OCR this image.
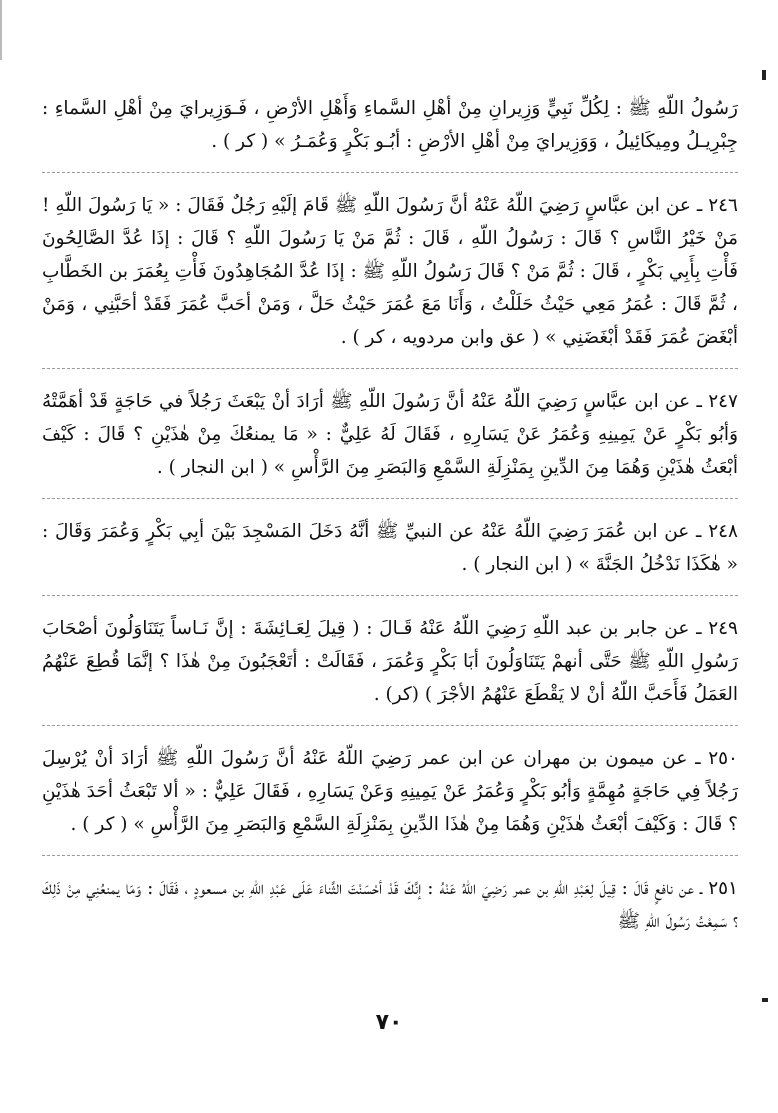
رَسُولُ اللّهِ ﷺ : لِكُلِّ نَبِيٍّ وَزِيرانِ مِنْ أهْلِ السَّماءِ وَأَهْلِ الأرْضِ ، فَـوَزِيرايَ مِنْ أهْلِ السَّماءِ : جِبْرِيـلُ ومِيكَائِيلُ ، وَوَزِيرايَ مِنْ أهْلِ الأرْضِ : أبُـو بَكْرٍ وَعُمَـرُ » ( كر ) .

٢٤٦ ـ عن ابن عبَّاسٍ رَضِيَ اللّهُ عَنْهُ أنَّ رَسُولَ اللّهِ ﷺ قَامَ إلَيْهِ رَجُلٌ فَقَالَ : « يَا رَسُولَ اللّهِ ! مَنْ خَيْرُ النَّاسِ ؟ قَالَ : رَسُولُ اللّهِ ، قَالَ : ثُمَّ مَنْ يَا رَسُولَ اللّهِ ؟ قَالَ : إذَا عُدَّ الصَّالِحُونَ فَأْتِ بِأَبِي بَكْرٍ ، قَالَ : ثُمَّ مَنْ ؟ قَالَ رَسُولُ اللّهِ ﷺ : إذَا عُدَّ المُجَاهِدُونَ فَأْتِ بِعُمَرَ بن الخَطَّابِ ، ثُمَّ قَالَ : عُمَرُ مَعِي حَيْثُ حَلَلْتُ ، وَأَنَا مَعَ عُمَرَ حَيْثُ حَلَّ ، وَمَنْ أحَبَّ عُمَرَ فَقَدْ أحَبَّنِي ، وَمَنْ أبْغَضَ عُمَرَ فَقَدْ أبْغَضَنِي » ( عق وابن مردويه ، كر ) .

٢٤٧ ـ عن ابن عبَّاسٍ رَضِيَ اللّهُ عَنْهُ أنَّ رَسُولَ اللّهِ ﷺ أرَادَ أنْ يَبْعَثَ رَجُلاً في حَاجَةٍ قَدْ أهَمَّتْهُ وَأبُو بَكْرٍ عَنْ يَمِينِهِ وَعُمَرُ عَنْ يَسَارِهِ ، فَقَالَ لَهُ عَلِيٌّ : « مَا يمنعُكَ مِنْ هٰذَيْنِ ؟ قَالَ : كَيْفَ أبْعَثُ هٰذَيْنِ وَهُمَا مِنَ الدِّينِ بِمَنْزِلَةِ السَّمْعِ وَالبَصَرِ مِنَ الرَّأْسِ » ( ابن النجار ) .

٢٤٨ ـ عن ابن عُمَرَ رَضِيَ اللّهُ عَنْهُ عن النبيِّ ﷺ أنَّهُ دَخَلَ المَسْجِدَ بَيْنَ أبِي بَكْرٍ وَعُمَرَ وَقَالَ : « هٰكَذَا نَدْخُلُ الجَنَّةَ » ( ابن النجار ) .

٢٤٩ ـ عن جابر بن عبد اللّهِ رَضِيَ اللّهُ عَنْهُ قَـالَ : ( قِيلَ لِعَـائِشَةَ : إنَّ نَـاساً يَتَنَاوَلُونَ أصْحَابَ رَسُولِ اللّهِ ﷺ حَتَّى أنهمْ يَتَنَاوَلُونَ أبَا بَكْرٍ وَعُمَرَ ، فَقَالَتْ : أتَعْجَبُونَ مِنْ هٰذَا ؟ إنَّمَا قُطِعَ عَنْهُمُ العَمَلُ فَأَحَبَّ اللّهُ أنْ لا يَقْطَعَ عَنْهُمُ الأجْرَ ) (كر) .

٢٥٠ ـ عن ميمون بن مهران عن ابن عمر رَضِيَ اللّهُ عَنْهُ أنَّ رَسُولَ اللّهِ ﷺ أرَادَ أنْ يُرْسِلَ رَجُلاً فِي حَاجَةٍ مُهِمَّةٍ وَأبُو بَكْرٍ وَعُمَرُ عَنْ يَمِينِهِ وَعَنْ يَسَارِهِ ، فَقَالَ عَلِيٌّ : « ألا تَبْعَثُ أحَدَ هٰذَيْنِ ؟ قَالَ : وَكَيْفَ أبْعَثُ هٰذَيْنِ وَهُمَا مِنْ هٰذَا الدِّينِ بِمَنْزِلَةِ السَّمْعِ وَالبَصَرِ مِنَ الرَّأْسِ » ( كر ) .

٢٥١ ـ عن نافعٍ قَالَ : قِيلَ لِعَبْدِ اللّهِ بن عمر رَضِيَ اللّهُ عَنْهُ : إنَّكَ قَدْ أحْسَنْتَ الثَّناءَ عَلَى عَبْدِ اللّهِ بن مسعودٍ ، فَقَالَ : وَمَا يمنعُنِي مِنْ ذَلِكَ ؟ سَمِعْتُ رَسُولَ اللّهِ ﷺ

٧٠
